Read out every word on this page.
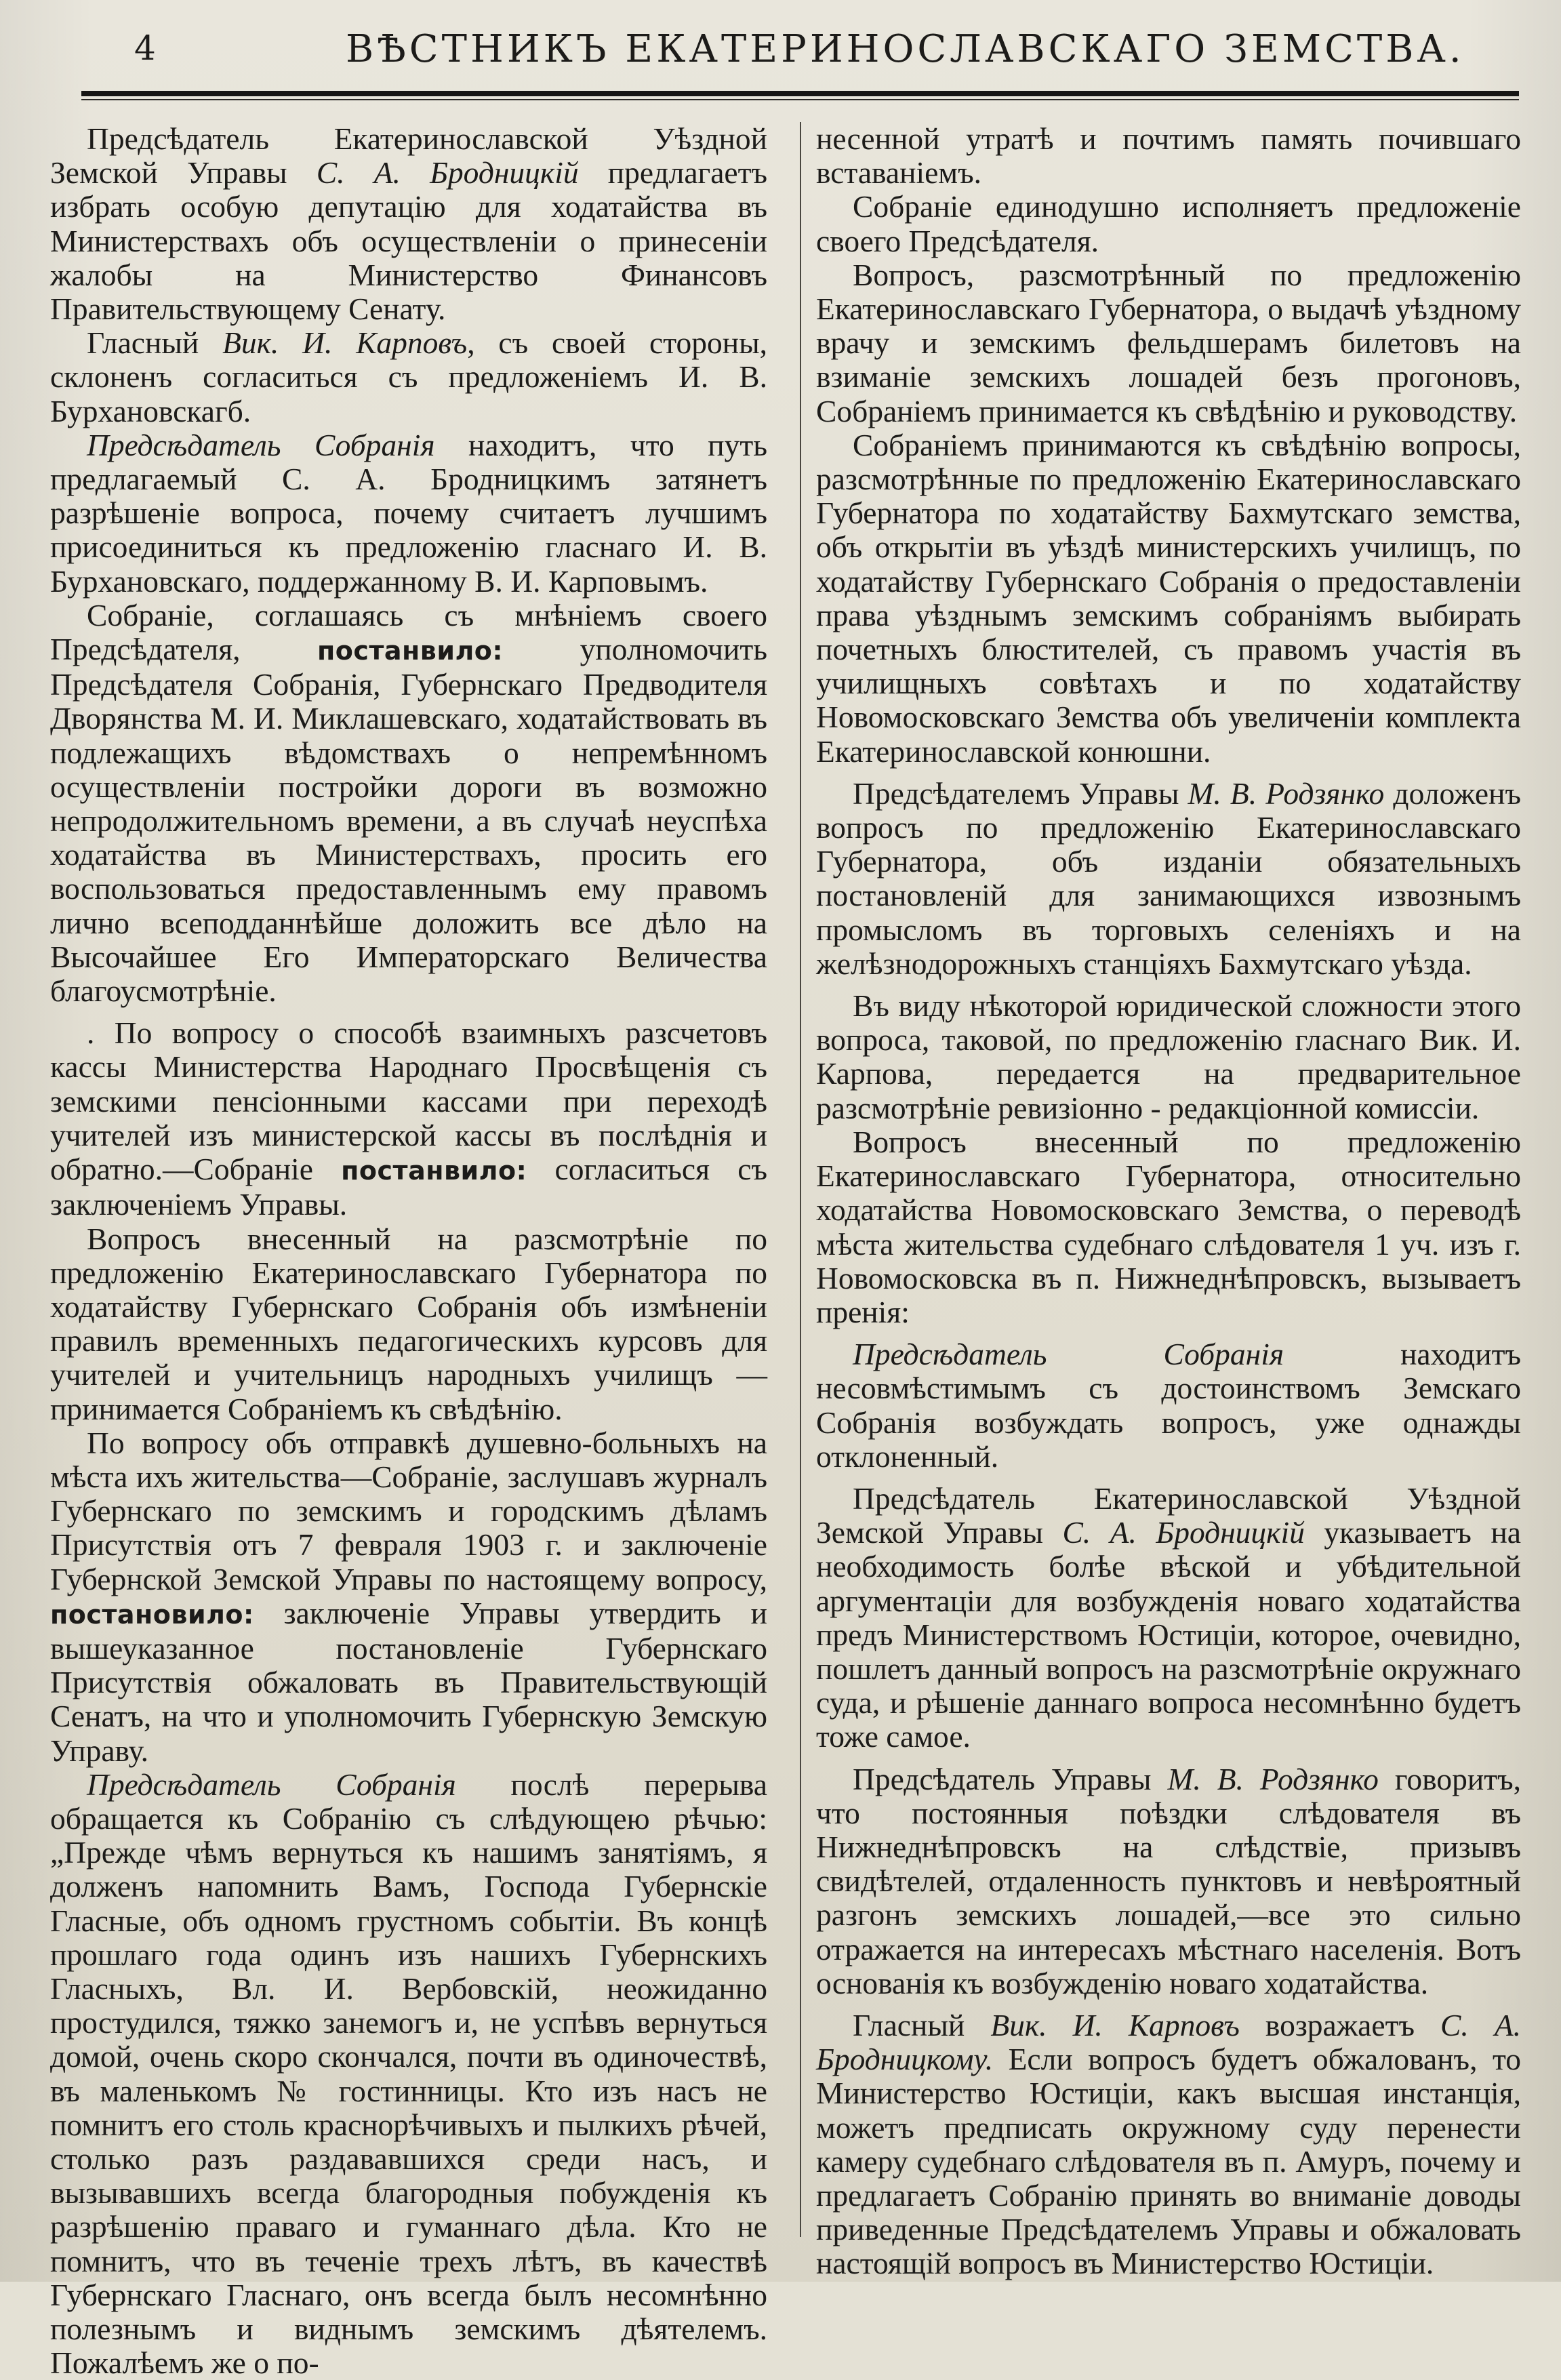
4	ВѢСТНИКЪ ЕКАТЕРИНОСЛАВСКАГО ЗЕМСТВА.

Предсѣдатель Екатеринославской Уѣздной Земской Управы С. А. Бродницкій предлагаетъ избрать особую депутацію для ходатайства въ Министерствахъ объ осуществленіи о принесеніи жалобы на Министерство Финансовъ Правительствующему Сенату.

Гласный Вик. И. Карповъ, съ своей стороны, склоненъ согласиться съ предложеніемъ И. В. Бурхановскагб.

Предсѣдатель Собранія находитъ, что путь предлагаемый С. А. Бродницкимъ затянетъ разрѣшеніе вопроса, почему считаетъ лучшимъ присоединиться къ предложенію гласнаго И. В. Бурхановскаго, поддержанному В. И. Карповымъ.

Собраніе, соглашаясь съ мнѣніемъ своего Предсѣдателя, постанвило: уполномочить Предсѣдателя Собранія, Губернскаго Предводителя Дворянства М. И. Миклашевскаго, ходатайствовать въ подлежащихъ вѣдомствахъ о непремѣнномъ осуществленіи постройки дороги въ возможно непродолжительномъ времени, а въ случаѣ неуспѣха ходатайства въ Министерствахъ, просить его воспользоваться предоставленнымъ ему правомъ лично всеподданнѣйше доложить все дѣло на Высочайшее Его Императорскаго Величества благоусмотрѣніе.

. По вопросу о способѣ взаимныхъ разсчетовъ кассы Министерства Народнаго Просвѣщенія съ земскими пенсіонными кассами при переходѣ учителей изъ министерской кассы въ послѣднія и обратно.—Собраніе постанвило: согласиться съ заключеніемъ Управы.

Вопросъ внесенный на разсмотрѣніе по предложенію Екатеринославскаго Губернатора по ходатайству Губернскаго Собранія объ измѣненіи правилъ временныхъ педагогическихъ курсовъ для учителей и учительницъ народныхъ училищъ —принимается Собраніемъ къ свѣдѣнію.

По вопросу объ отправкѣ душевно-больныхъ на мѣста ихъ жительства—Собраніе, заслушавъ журналъ Губернскаго по земскимъ и городскимъ дѣламъ Присутствія отъ 7 февраля 1903 г. и заключеніе Губернской Земской Управы по настоящему вопросу, постановило: заключеніе Управы утвердить и вышеуказанное постановленіе Губернскаго Присутствія обжаловать въ Правительствующій Сенатъ, на что и уполномочить Губернскую Земскую Управу.

Предсѣдатель Собранія послѣ перерыва обращается къ Собранію съ слѣдующею рѣчью: „Прежде чѣмъ вернуться къ нашимъ занятіямъ, я долженъ напомнить Вамъ, Господа Губернскіе Гласные, объ одномъ грустномъ событіи. Въ концѣ прошлаго года одинъ изъ нашихъ Губернскихъ Гласныхъ, Вл. И. Вербовскій, неожиданно простудился, тяжко занемогъ и, не успѣвъ вернуться домой, очень скоро скончался, почти въ одиночествѣ, въ маленькомъ № гостинницы. Кто изъ насъ не помнитъ его столь краснорѣчивыхъ и пылкихъ рѣчей, столько разъ раздававшихся среди насъ, и вызывавшихъ всегда благородныя побужденія къ разрѣшенію праваго и гуманнаго дѣла. Кто не помнитъ, что въ теченіе трехъ лѣтъ, въ качествѣ Губернскаго Гласнаго, онъ всегда былъ несомнѣнно полезнымъ и виднымъ земскимъ дѣятелемъ. Пожалѣемъ же о по-

несенной утратѣ и почтимъ память почившаго вставаніемъ.

Собраніе единодушно исполняетъ предложеніе своего Предсѣдателя.

Вопросъ, разсмотрѣнный по предложенію Екатеринославскаго Губернатора, о выдачѣ уѣздному врачу и земскимъ фельдшерамъ билетовъ на взиманіе земскихъ лошадей безъ прогоновъ, Собраніемъ принимается къ свѣдѣнію и руководству.

Собраніемъ принимаются къ свѣдѣнію вопросы, разсмотрѣнные по предложенію Екатеринославскаго Губернатора по ходатайству Бахмутскаго земства, объ открытіи въ уѣздѣ министерскихъ училищъ, по ходатайству Губернскаго Собранія о предоставленіи права уѣзднымъ земскимъ собраніямъ выбирать почетныхъ блюстителей, съ правомъ участія въ училищныхъ совѣтахъ и по ходатайству Новомосковскаго Земства объ увеличеніи комплекта Екатеринославской конюшни.

Предсѣдателемъ Управы М. В. Родзянко доложенъ вопросъ по предложенію Екатеринославскаго Губернатора, объ изданіи обязательныхъ постановленій для занимающихся извознымъ промысломъ въ торговыхъ селеніяхъ и на желѣзнодорожныхъ станціяхъ Бахмутскаго уѣзда.

Въ виду нѣкоторой юридической сложности этого вопроса, таковой, по предложенію гласнаго Вик. И. Карпова, передается на предварительное разсмотрѣніе ревизіонно - редакціонной комиссіи.

Вопросъ внесенный по предложенію Екатеринославскаго Губернатора, относительно ходатайства Новомосковскаго Земства, о переводѣ мѣста жительства судебнаго слѣдователя 1 уч. изъ г. Новомосковска въ п. Нижнеднѣпровскъ, вызываетъ пренія:

Предсѣдатель Собранія находитъ несовмѣстимымъ съ достоинствомъ Земскаго Собранія возбуждать вопросъ, уже однажды отклоненный.

Предсѣдатель Екатеринославской Уѣздной Земской Управы С. А. Бродницкій указываетъ на необходимость болѣе вѣской и убѣдительной аргументаціи для возбужденія новаго ходатайства предъ Министерствомъ Юстиціи, которое, очевидно, пошлетъ данный вопросъ на разсмотрѣніе окружнаго суда, и рѣшеніе даннаго вопроса несомнѣнно будетъ тоже самое.

Предсѣдатель Управы М. В. Родзянко говоритъ, что постоянныя поѣздки слѣдователя въ Нижнеднѣпровскъ на слѣдствіе, призывъ свидѣтелей, отдаленность пунктовъ и невѣроятный разгонъ земскихъ лошадей,—все это сильно отражается на интересахъ мѣстнаго населенія. Вотъ основанія къ возбужденію новаго ходатайства.

Гласный Вик. И. Карповъ возражаетъ С. А. Бродницкому. Если вопросъ будетъ обжалованъ, то Министерство Юстиціи, какъ высшая инстанція, можетъ предписать окружному суду перенести камеру судебнаго слѣдователя въ п. Амуръ, почему и предлагаетъ Собранію принять во вниманіе доводы приведенные Предсѣдателемъ Управы и обжаловать настоящій вопросъ въ Министерство Юстиціи.
